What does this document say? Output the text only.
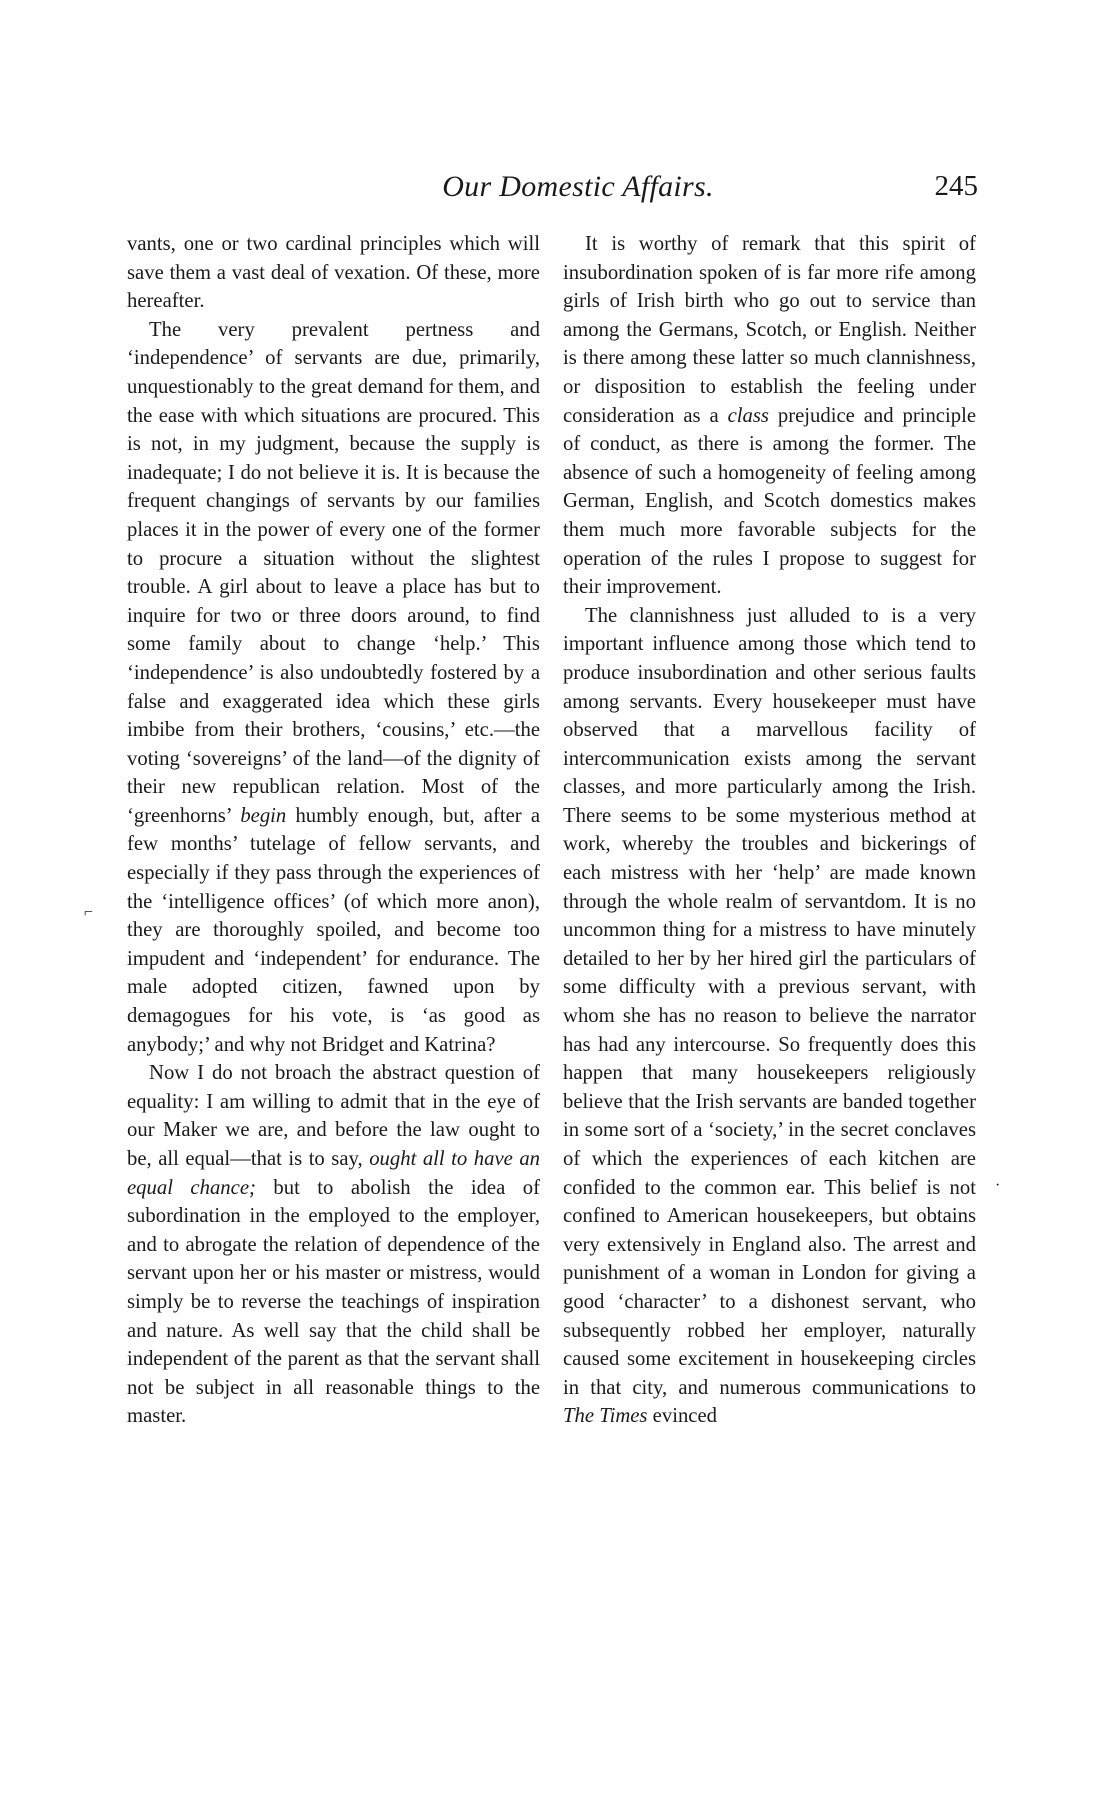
Our Domestic Affairs.	245

vants, one or two cardinal principles which will save them a vast deal of vexation. Of these, more hereafter.

The very prevalent pertness and ‘independence’ of servants are due, primarily, unquestionably to the great demand for them, and the ease with which situations are procured. This is not, in my judgment, because the supply is inadequate; I do not believe it is. It is because the frequent changings of servants by our families places it in the power of every one of the former to procure a situation without the slightest trouble. A girl about to leave a place has but to inquire for two or three doors around, to find some family about to change ‘help.’ This ‘independence’ is also undoubtedly fostered by a false and exaggerated idea which these girls imbibe from their brothers, ‘cousins,’ etc.—the voting ‘sovereigns’ of the land—of the dignity of their new republican relation. Most of the ‘greenhorns’ begin humbly enough, but, after a few months’ tutelage of fellow servants, and especially if they pass through the experiences of the ‘intelligence offices’ (of which more anon), they are thoroughly spoiled, and become too impudent and ‘independent’ for endurance. The male adopted citizen, fawned upon by demagogues for his vote, is ‘as good as anybody;’ and why not Bridget and Katrina?

Now I do not broach the abstract question of equality: I am willing to admit that in the eye of our Maker we are, and before the law ought to be, all equal—that is to say, ought all to have an equal chance; but to abolish the idea of subordination in the employed to the employer, and to abrogate the relation of dependence of the servant upon her or his master or mistress, would simply be to reverse the teachings of inspiration and nature. As well say that the child shall be independent of the parent as that the servant shall not be subject in all reasonable things to the master.

It is worthy of remark that this spirit of insubordination spoken of is far more rife among girls of Irish birth who go out to service than among the Germans, Scotch, or English. Neither is there among these latter so much clannishness, or disposition to establish the feeling under consideration as a class prejudice and principle of conduct, as there is among the former. The absence of such a homogeneity of feeling among German, English, and Scotch domestics makes them much more favorable subjects for the operation of the rules I propose to suggest for their improvement.

The clannishness just alluded to is a very important influence among those which tend to produce insubordination and other serious faults among servants. Every housekeeper must have observed that a marvellous facility of intercommunication exists among the servant classes, and more particularly among the Irish. There seems to be some mysterious method at work, whereby the troubles and bickerings of each mistress with her ‘help’ are made known through the whole realm of servantdom. It is no uncommon thing for a mistress to have minutely detailed to her by her hired girl the particulars of some difficulty with a previous servant, with whom she has no reason to believe the narrator has had any intercourse. So frequently does this happen that many housekeepers religiously believe that the Irish servants are banded together in some sort of a ‘society,’ in the secret conclaves of which the experiences of each kitchen are confided to the common ear. This belief is not confined to American housekeepers, but obtains very extensively in England also. The arrest and punishment of a woman in London for giving a good ‘character’ to a dishonest servant, who subsequently robbed her employer, naturally caused some excitement in housekeeping circles in that city, and numerous communications to The Times evinced

⌐
·
